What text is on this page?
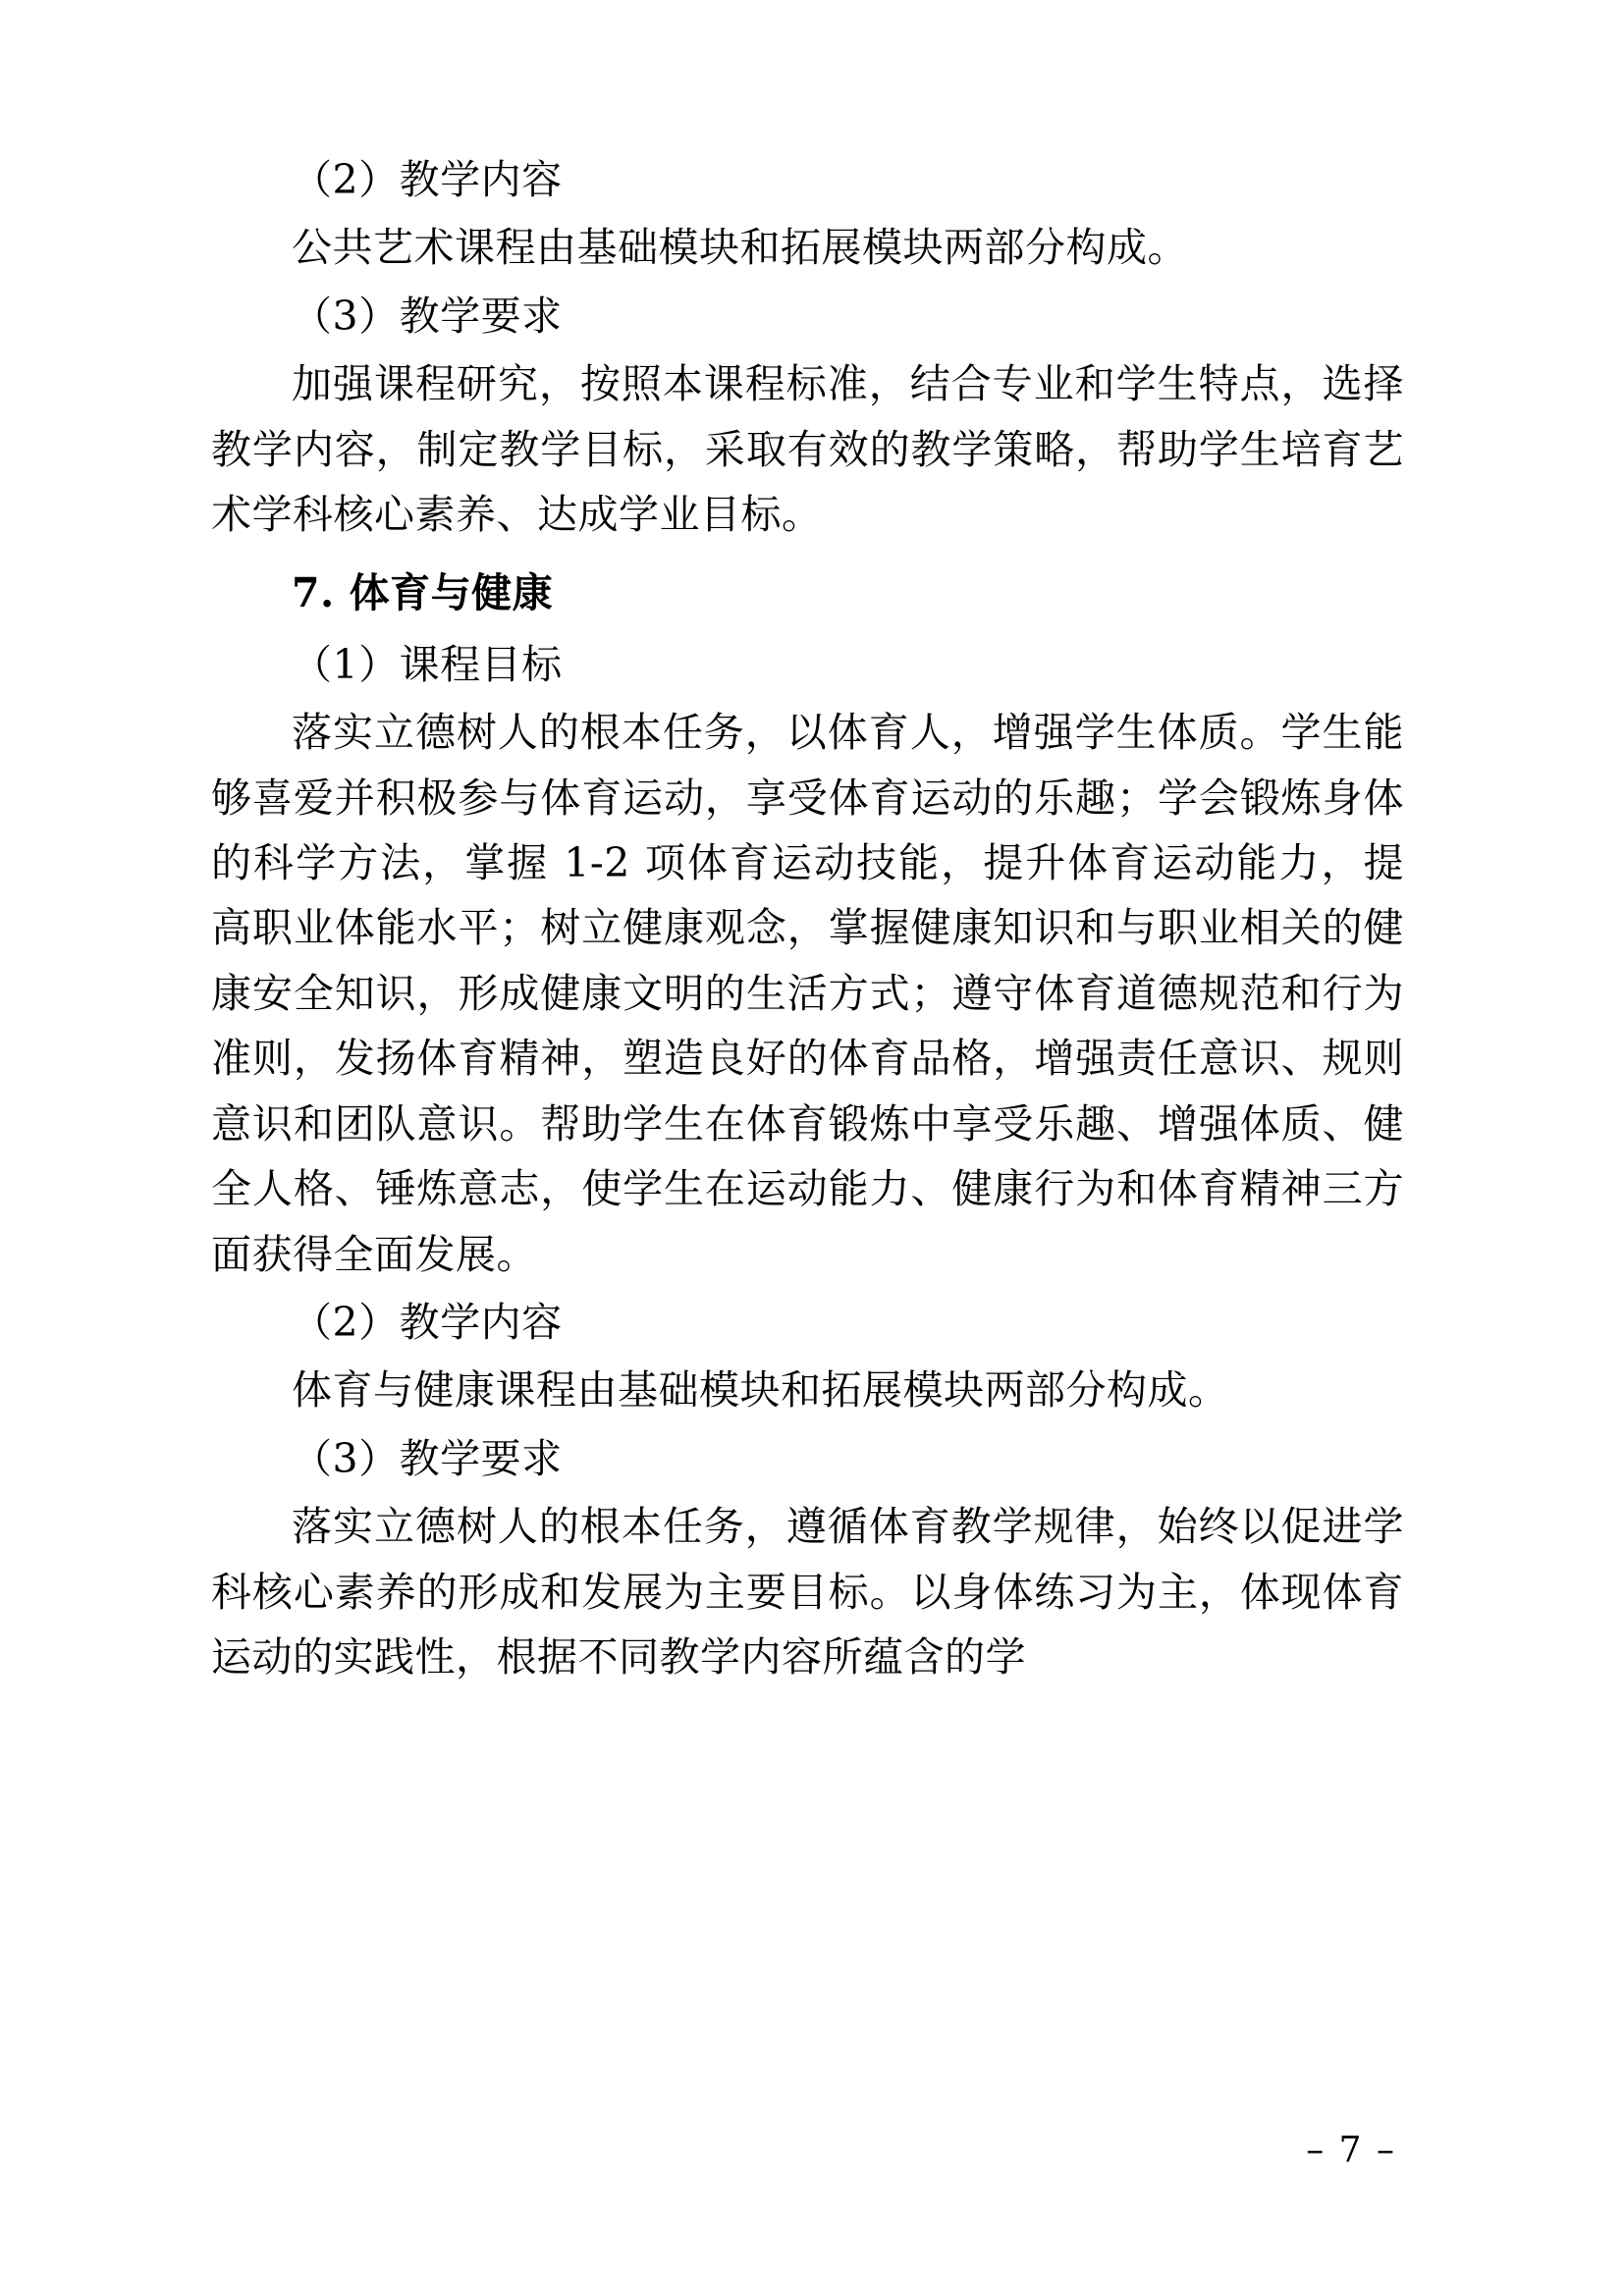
（2）教学内容

公共艺术课程由基础模块和拓展模块两部分构成。

（3）教学要求

加强课程研究，按照本课程标准，结合专业和学生特点，选择教学内容，制定教学目标，采取有效的教学策略，帮助学生培育艺术学科核心素养、达成学业目标。

7. 体育与健康

（1）课程目标

落实立德树人的根本任务，以体育人，增强学生体质。学生能够喜爱并积极参与体育运动，享受体育运动的乐趣；学会锻炼身体的科学方法，掌握 1-2 项体育运动技能，提升体育运动能力，提高职业体能水平；树立健康观念，掌握健康知识和与职业相关的健康安全知识，形成健康文明的生活方式；遵守体育道德规范和行为准则，发扬体育精神，塑造良好的体育品格，增强责任意识、规则意识和团队意识。帮助学生在体育锻炼中享受乐趣、增强体质、健全人格、锤炼意志，使学生在运动能力、健康行为和体育精神三方面获得全面发展。

（2）教学内容

体育与健康课程由基础模块和拓展模块两部分构成。

（3）教学要求

落实立德树人的根本任务，遵循体育教学规律，始终以促进学科核心素养的形成和发展为主要目标。以身体练习为主，体现体育运动的实践性，根据不同教学内容所蕴含的学

– 7 –
